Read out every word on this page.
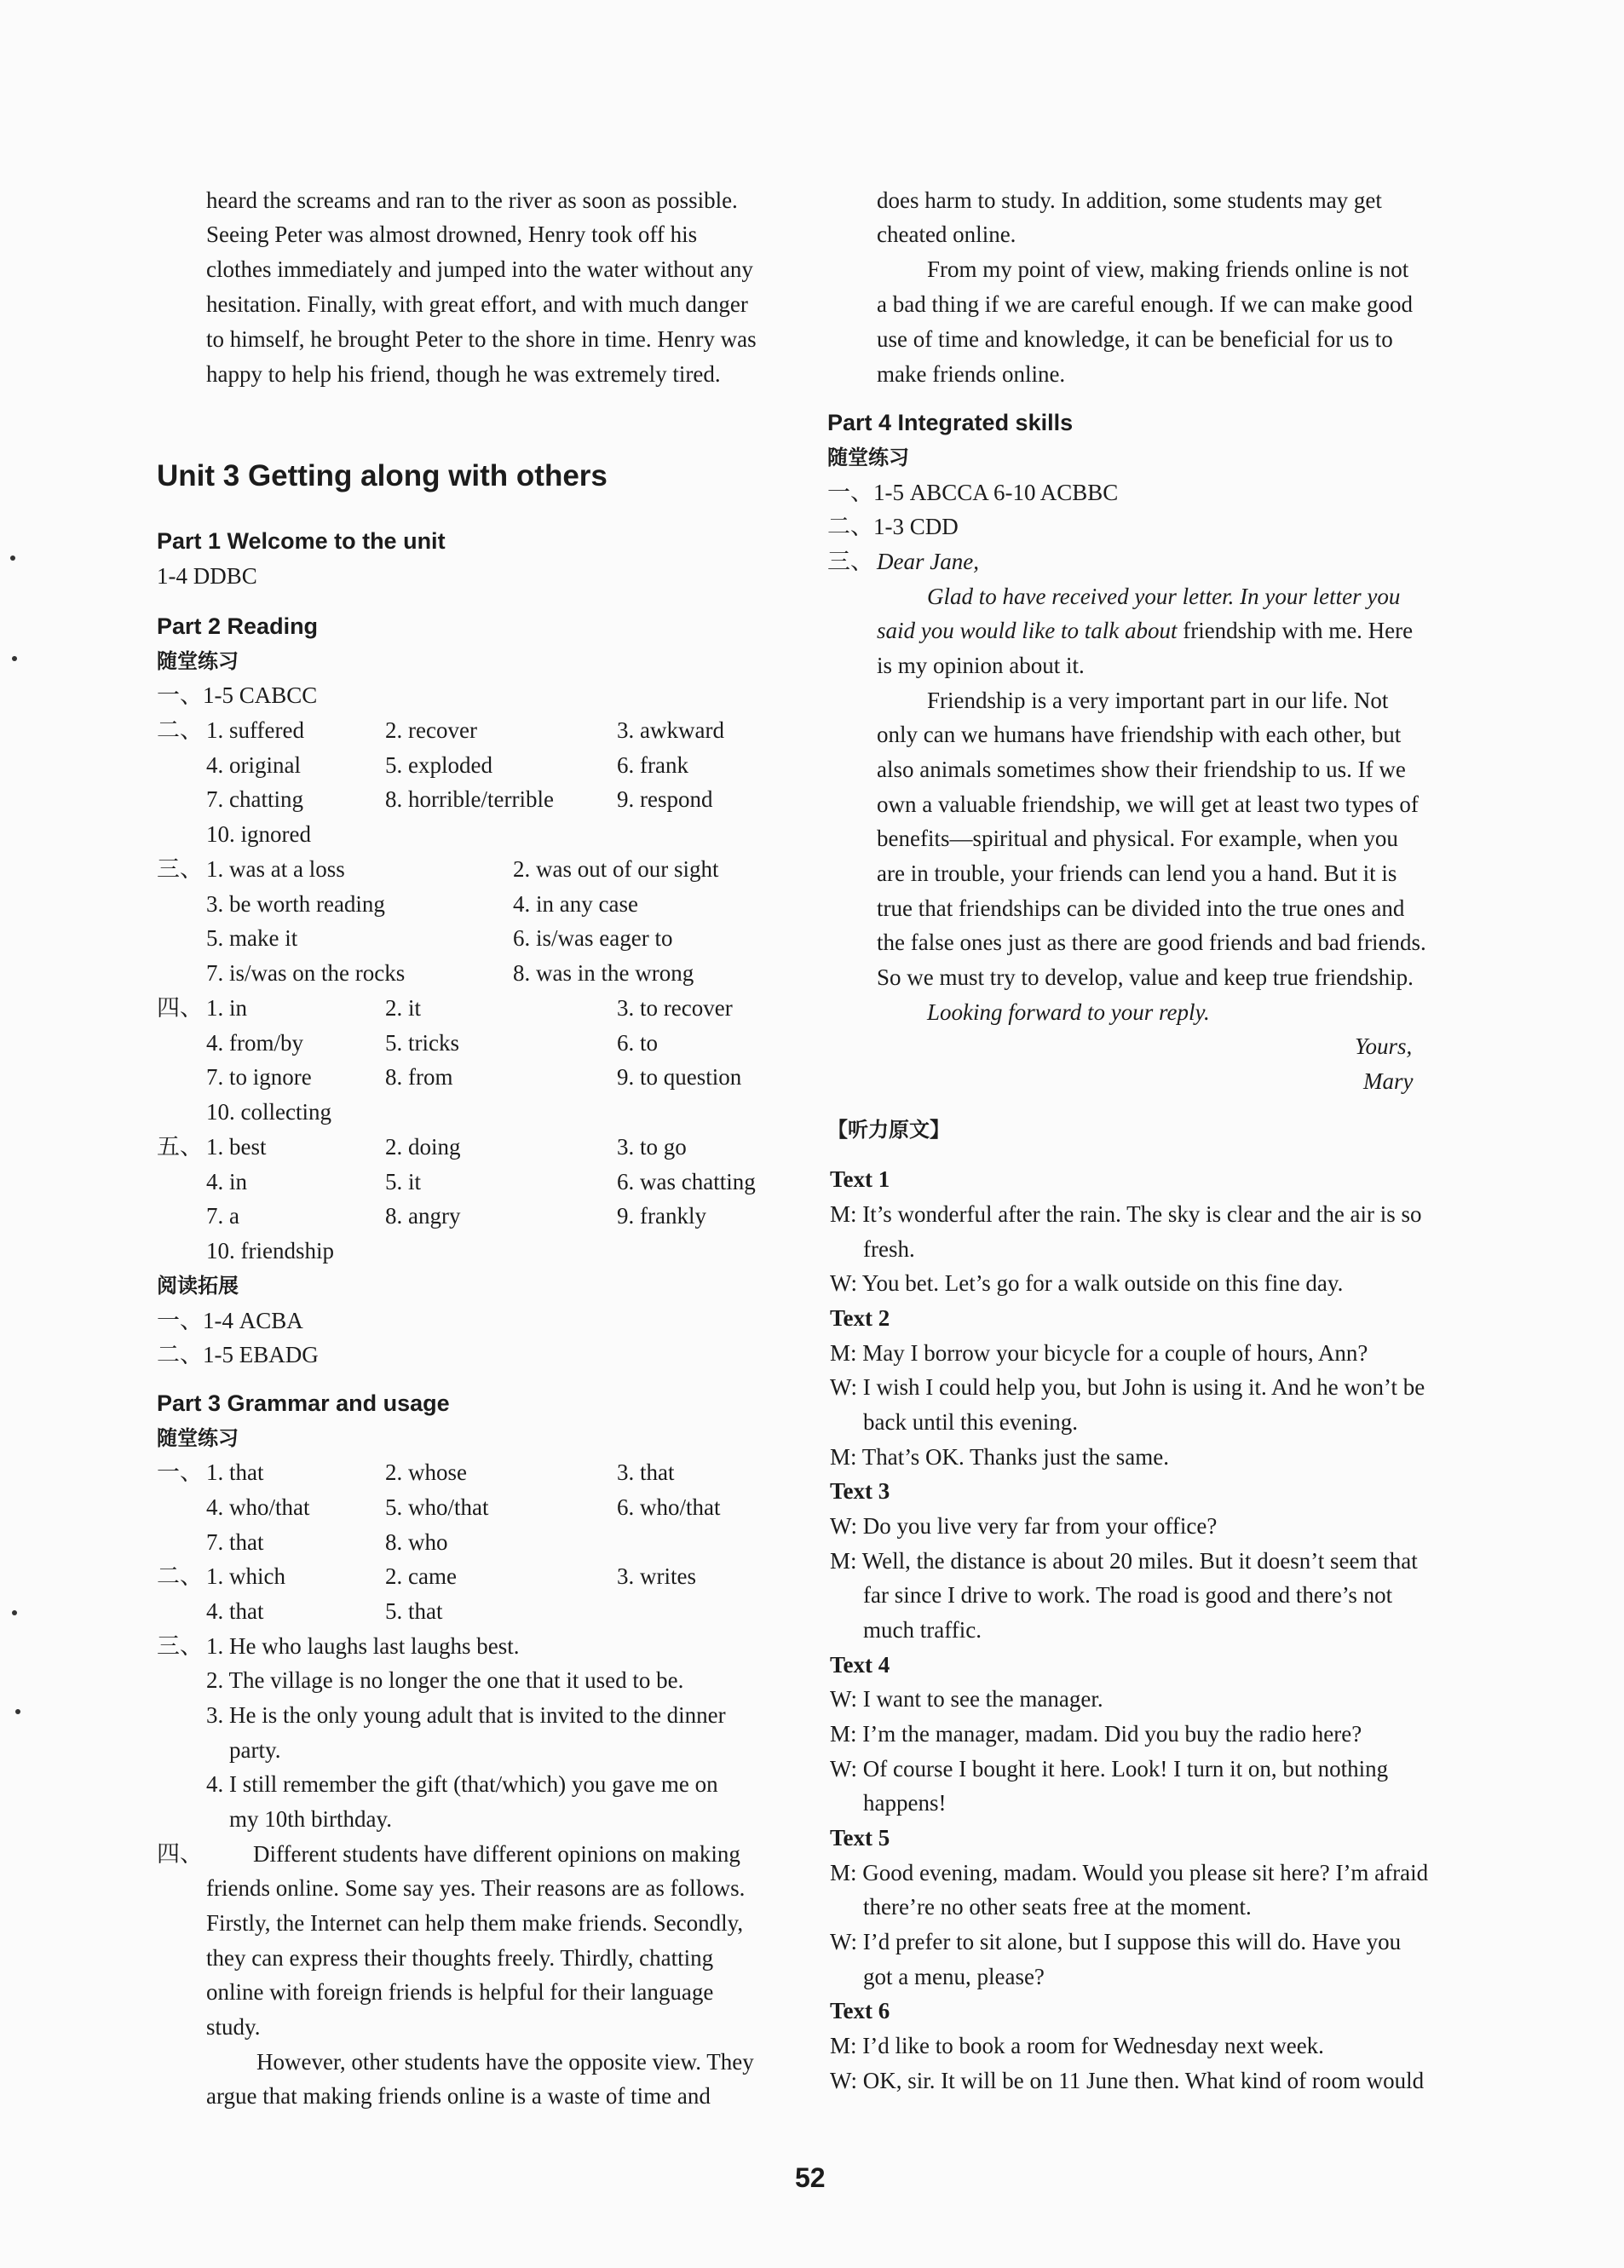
heard the screams and ran to the river as soon as possible.
Seeing Peter was almost drowned, Henry took off his
clothes immediately and jumped into the water without any
hesitation. Finally, with great effort, and with much danger
to himself, he brought Peter to the shore in time. Henry was
happy to help his friend, though he was extremely tired.
Unit 3 Getting along with others
Part 1 Welcome to the unit
1-4 DDBC
Part 2 Reading
随堂练习
一、1-5 CABCC
二、 1. suffered	2. recover	3. awkward
4. original	5. exploded	6. frank
7. chatting	8. horrible/terrible	9. respond
10. ignored
三、 1. was at a loss	2. was out of our sight
3. be worth reading	4. in any case
5. make it	6. is/was eager to
7. is/was on the rocks	8. was in the wrong
四、 1. in	2. it	3. to recover
4. from/by	5. tricks	6. to
7. to ignore	8. from	9. to question
10. collecting
五、 1. best	2. doing	3. to go
4. in	5. it	6. was chatting
7. a	8. angry	9. frankly
10. friendship
阅读拓展
一、1-4 ACBA
二、1-5 EBADG
Part 3 Grammar and usage
随堂练习
一、 1. that	2. whose	3. that
4. who/that	5. who/that	6. who/that
7. that	8. who
二、 1. which	2. came	3. writes
4. that	5. that
三、 1. He who laughs last laughs best.
2. The village is no longer the one that it used to be.
3. He is the only young adult that is invited to the dinner
party.
4. I still remember the gift (that/which) you gave me on
my 10th birthday.
四、 Different students have different opinions on making
friends online. Some say yes. Their reasons are as follows.
Firstly, the Internet can help them make friends. Secondly,
they can express their thoughts freely. Thirdly, chatting
online with foreign friends is helpful for their language
study.
However, other students have the opposite view. They
argue that making friends online is a waste of time and
does harm to study. In addition, some students may get
cheated online.
From my point of view, making friends online is not
a bad thing if we are careful enough. If we can make good
use of time and knowledge, it can be beneficial for us to
make friends online.
Part 4 Integrated skills
随堂练习
一、1-5 ABCCA 6-10 ACBBC
二、1-3 CDD
三、 Dear Jane,
Glad to have received your letter. In your letter you
said you would like to talk about friendship with me. Here
is my opinion about it.
Friendship is a very important part in our life. Not
only can we humans have friendship with each other, but
also animals sometimes show their friendship to us. If we
own a valuable friendship, we will get at least two types of
benefits—spiritual and physical. For example, when you
are in trouble, your friends can lend you a hand. But it is
true that friendships can be divided into the true ones and
the false ones just as there are good friends and bad friends.
So we must try to develop, value and keep true friendship.
Looking forward to your reply.
Yours,
Mary
【听力原文】
Text 1
M: It’s wonderful after the rain. The sky is clear and the air is so
fresh.
W: You bet. Let’s go for a walk outside on this fine day.
Text 2
M: May I borrow your bicycle for a couple of hours, Ann?
W: I wish I could help you, but John is using it. And he won’t be
back until this evening.
M: That’s OK. Thanks just the same.
Text 3
W: Do you live very far from your office?
M: Well, the distance is about 20 miles. But it doesn’t seem that
far since I drive to work. The road is good and there’s not
much traffic.
Text 4
W: I want to see the manager.
M: I’m the manager, madam. Did you buy the radio here?
W: Of course I bought it here. Look! I turn it on, but nothing
happens!
Text 5
M: Good evening, madam. Would you please sit here? I’m afraid
there’re no other seats free at the moment.
W: I’d prefer to sit alone, but I suppose this will do. Have you
got a menu, please?
Text 6
M: I’d like to book a room for Wednesday next week.
W: OK, sir. It will be on 11 June then. What kind of room would
52
